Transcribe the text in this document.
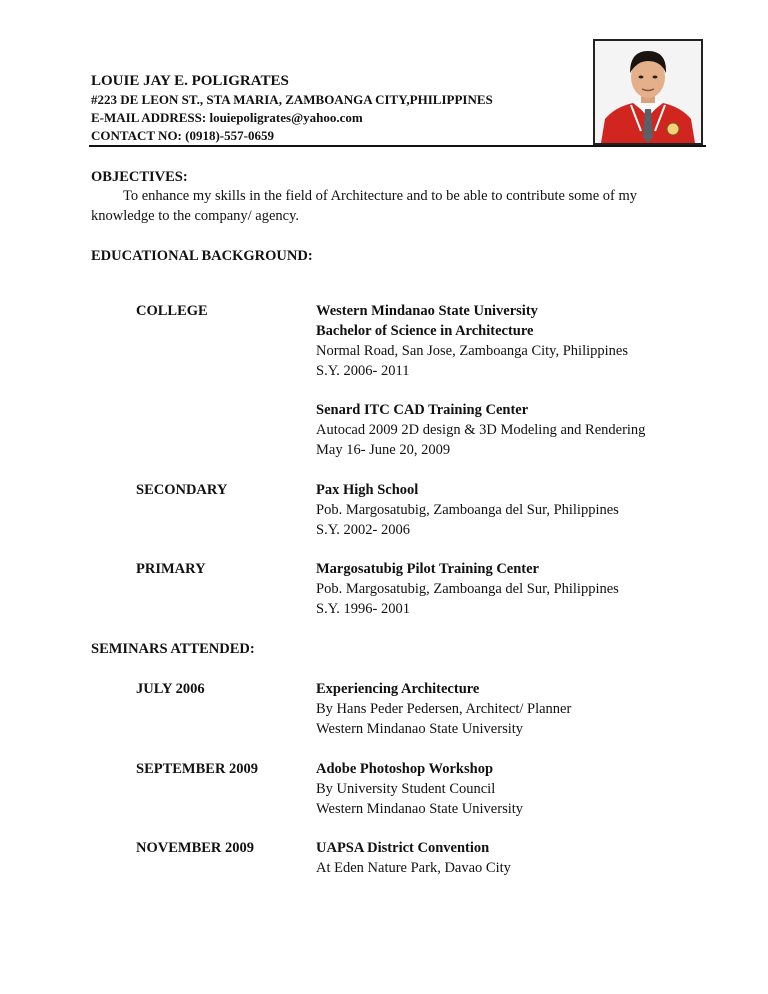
LOUIE JAY E. POLIGRATES
#223 DE LEON ST., STA MARIA, ZAMBOANGA CITY,PHILIPPINES
E-MAIL ADDRESS: louiepoligrates@yahoo.com
CONTACT NO: (0918)-557-0659
OBJECTIVES:
To enhance my skills in the field of Architecture and to be able to contribute some of my knowledge to the company/ agency.
EDUCATIONAL BACKGROUND:
COLLEGE	Western Mindanao State University
Bachelor of Science in Architecture
Normal Road, San Jose, Zamboanga City, Philippines
S.Y. 2006- 2011
Senard ITC CAD Training Center
Autocad 2009 2D design & 3D Modeling and Rendering
May 16- June 20, 2009
SECONDARY	Pax High School
Pob. Margosatubig, Zamboanga del Sur, Philippines
S.Y. 2002- 2006
PRIMARY	Margosatubig Pilot Training Center
Pob. Margosatubig, Zamboanga del Sur, Philippines
S.Y. 1996- 2001
SEMINARS ATTENDED:
JULY 2006	Experiencing Architecture
By Hans Peder Pedersen, Architect/ Planner
Western Mindanao State University
SEPTEMBER 2009	Adobe Photoshop Workshop
By University Student Council
Western Mindanao State University
NOVEMBER 2009	UAPSA District Convention
At Eden Nature Park, Davao City
